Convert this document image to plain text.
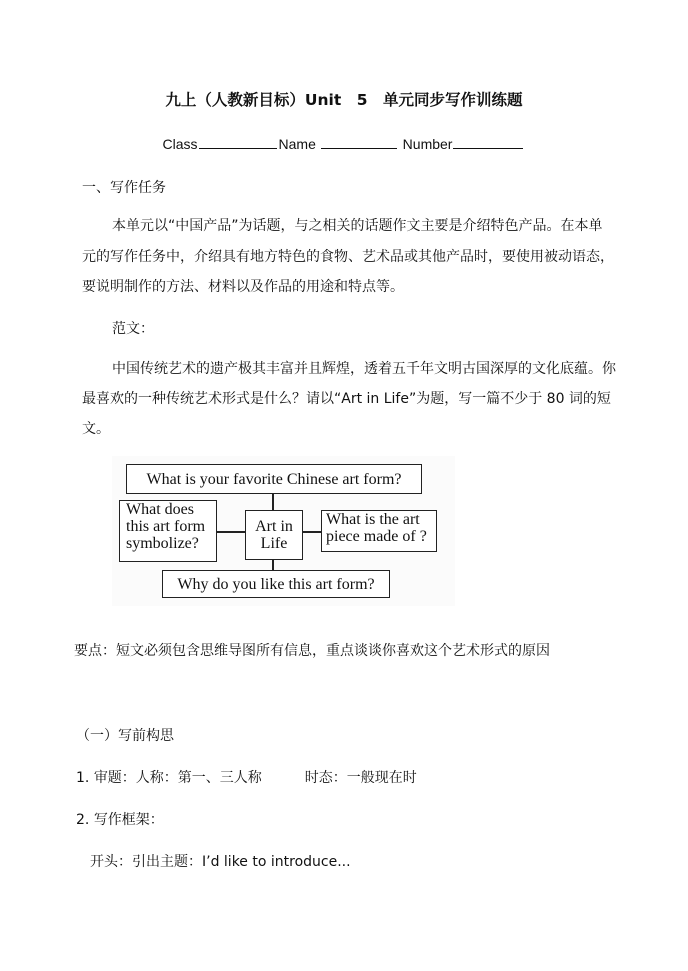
九上（人教新目标）Unit　5　单元同步写作训练题
Class	Name	Number
一、写作任务
本单元以“中国产品”为话题，与之相关的话题作文主要是介绍特色产品。在本单
元的写作任务中，介绍具有地方特色的食物、艺术品或其他产品时，要使用被动语态，
要说明制作的方法、材料以及作品的用途和特点等。
范文：
中国传统艺术的遗产极其丰富并且辉煌，透着五千年文明古国深厚的文化底蕴。你
最喜欢的一种传统艺术形式是什么？请以“Art in Life”为题，写一篇不少于 80 词的短
文。
What is your favorite Chinese art form?
What does
this art form
symbolize?
Art in
Life
What is the art
piece made of ?
Why do you like this art form?
要点：短文必须包含思维导图所有信息，重点谈谈你喜欢这个艺术形式的原因
（一）写前构思
1. 审题：人称：第一、三人称	时态：一般现在时
2. 写作框架：
开头：引出主题：I’d like to introduce...
